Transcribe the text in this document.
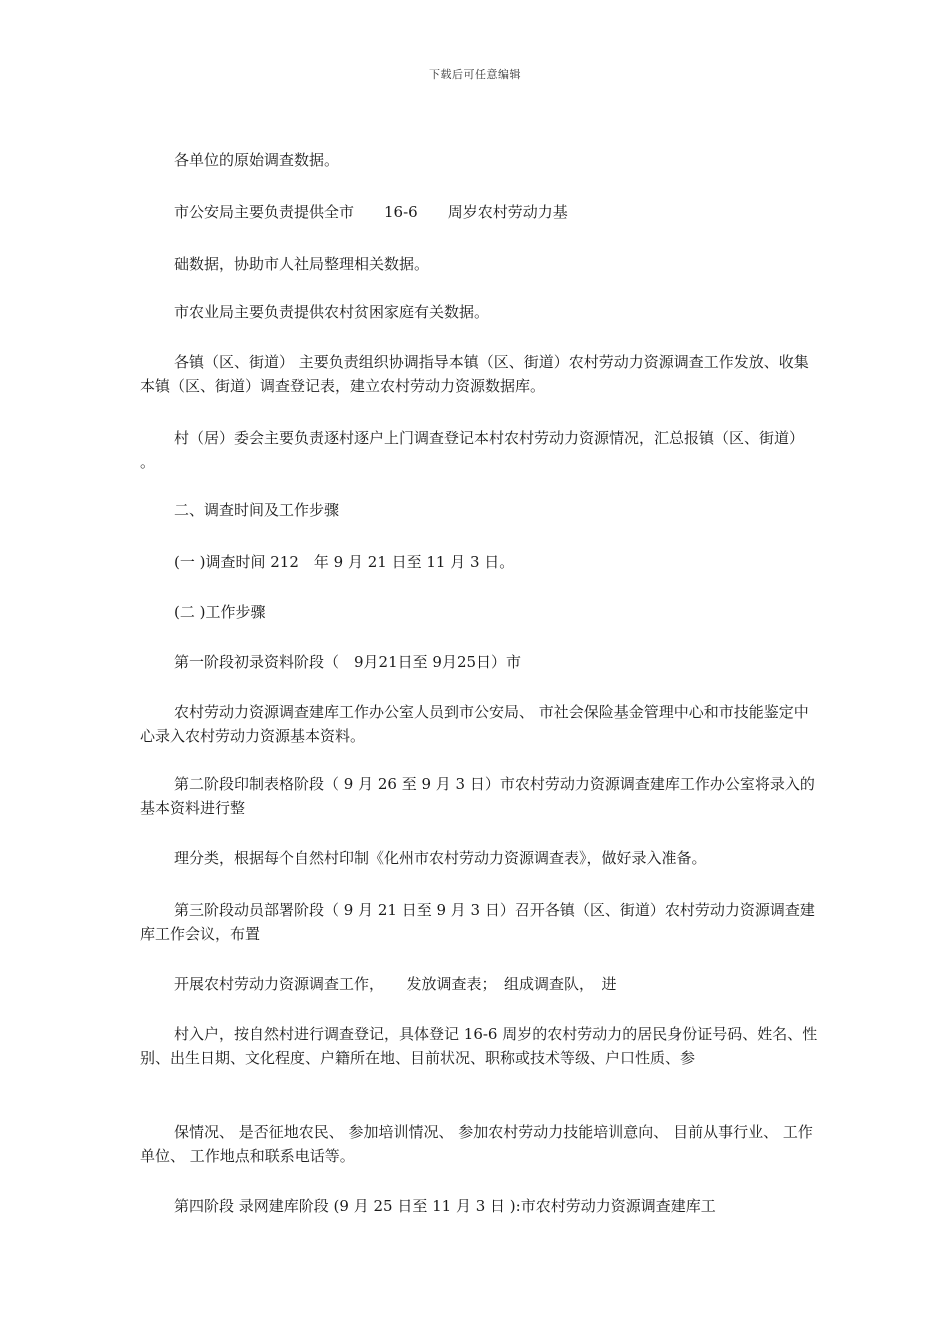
下载后可任意编辑

各单位的原始调查数据。

市公安局主要负责提供全市　　16-6　　周岁农村劳动力基

础数据，协助市人社局整理相关数据。

市农业局主要负责提供农村贫困家庭有关数据。

各镇（区、街道） 主要负责组织协调指导本镇（区、街道）农村劳动力资源调查工作发放、收集本镇（区、街道）调查登记表，建立农村劳动力资源数据库。

村（居）委会主要负责逐村逐户上门调查登记本村农村劳动力资源情况，汇总报镇（区、街道） 。

二、调查时间及工作步骤

(一 )调查时间 212　年 9 月 21 日至 11 月 3 日。

(二 )工作步骤

第一阶段初录资料阶段（　9月21日至 9月25日）市

农村劳动力资源调查建库工作办公室人员到市公安局、 市社会保险基金管理中心和市技能鉴定中心录入农村劳动力资源基本资料。

第二阶段印制表格阶段（ 9 月 26 至 9 月 3 日）市农村劳动力资源调查建库工作办公室将录入的基本资料进行整

理分类，根据每个自然村印制《化州市农村劳动力资源调查表》，做好录入准备。

第三阶段动员部署阶段（ 9 月 21 日至 9 月 3 日）召开各镇（区、街道）农村劳动力资源调查建库工作会议，布置

开展农村劳动力资源调查工作，　　发放调查表；　组成调查队，　进

村入户，按自然村进行调查登记，具体登记 16-6 周岁的农村劳动力的居民身份证号码、姓名、性别、出生日期、文化程度、户籍所在地、目前状况、职称或技术等级、户口性质、参

保情况、 是否征地农民、 参加培训情况、 参加农村劳动力技能培训意向、 目前从事行业、 工作单位、 工作地点和联系电话等。

第四阶段 录网建库阶段 (9 月 25 日至 11 月 3 日 ):市农村劳动力资源调查建库工
